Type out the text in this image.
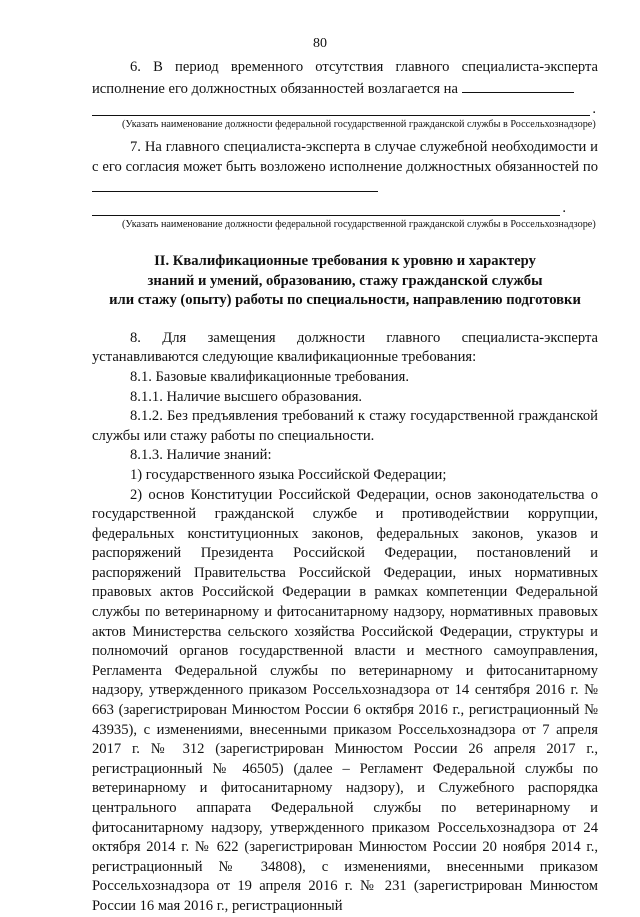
80

6. В период временного отсутствия главного специалиста-эксперта исполнение его должностных обязанностей возлагается на

.

(Указать наименование должности федеральной государственной гражданской службы в Россельхознадзоре)

7. На главного специалиста-эксперта в случае служебной необходимости и с его согласия может быть возложено исполнение должностных обязанностей по

.

(Указать наименование должности федеральной государственной гражданской службы в Россельхознадзоре)

II. Квалификационные требования к уровню и характеру
знаний и умений, образованию, стажу гражданской службы
или стажу (опыту) работы по специальности, направлению подготовки

8. Для замещения должности главного специалиста-эксперта устанавливаются следующие квалификационные требования:

8.1. Базовые квалификационные требования.

8.1.1. Наличие высшего образования.

8.1.2. Без предъявления требований к стажу государственной гражданской службы или стажу работы по специальности.

8.1.3. Наличие знаний:

1) государственного языка Российской Федерации;

2) основ Конституции Российской Федерации, основ законодательства о государственной гражданской службе и противодействии коррупции, федеральных конституционных законов, федеральных законов, указов и распоряжений Президента Российской Федерации, постановлений и распоряжений Правительства Российской Федерации, иных нормативных правовых актов Российской Федерации в рамках компетенции Федеральной службы по ветеринарному и фитосанитарному надзору, нормативных правовых актов Министерства сельского хозяйства Российской Федерации, структуры и полномочий органов государственной власти и местного самоуправления, Регламента Федеральной службы по ветеринарному и фитосанитарному надзору, утвержденного приказом Россельхознадзора от 14 сентября 2016 г. № 663 (зарегистрирован Минюстом России 6 октября 2016 г., регистрационный № 43935), с изменениями, внесенными приказом Россельхознадзора от 7 апреля 2017 г. № 312 (зарегистрирован Минюстом России 26 апреля 2017 г., регистрационный № 46505) (далее – Регламент Федеральной службы по ветеринарному и фитосанитарному надзору), и Служебного распорядка центрального аппарата Федеральной службы по ветеринарному и фитосанитарному надзору, утвержденного приказом Россельхознадзора от 24 октября 2014 г. № 622 (зарегистрирован Минюстом России 20 ноября 2014 г., регистрационный № 34808), с изменениями, внесенными приказом Россельхознадзора от 19 апреля 2016 г. № 231 (зарегистрирован Минюстом России 16 мая 2016 г., регистрационный
